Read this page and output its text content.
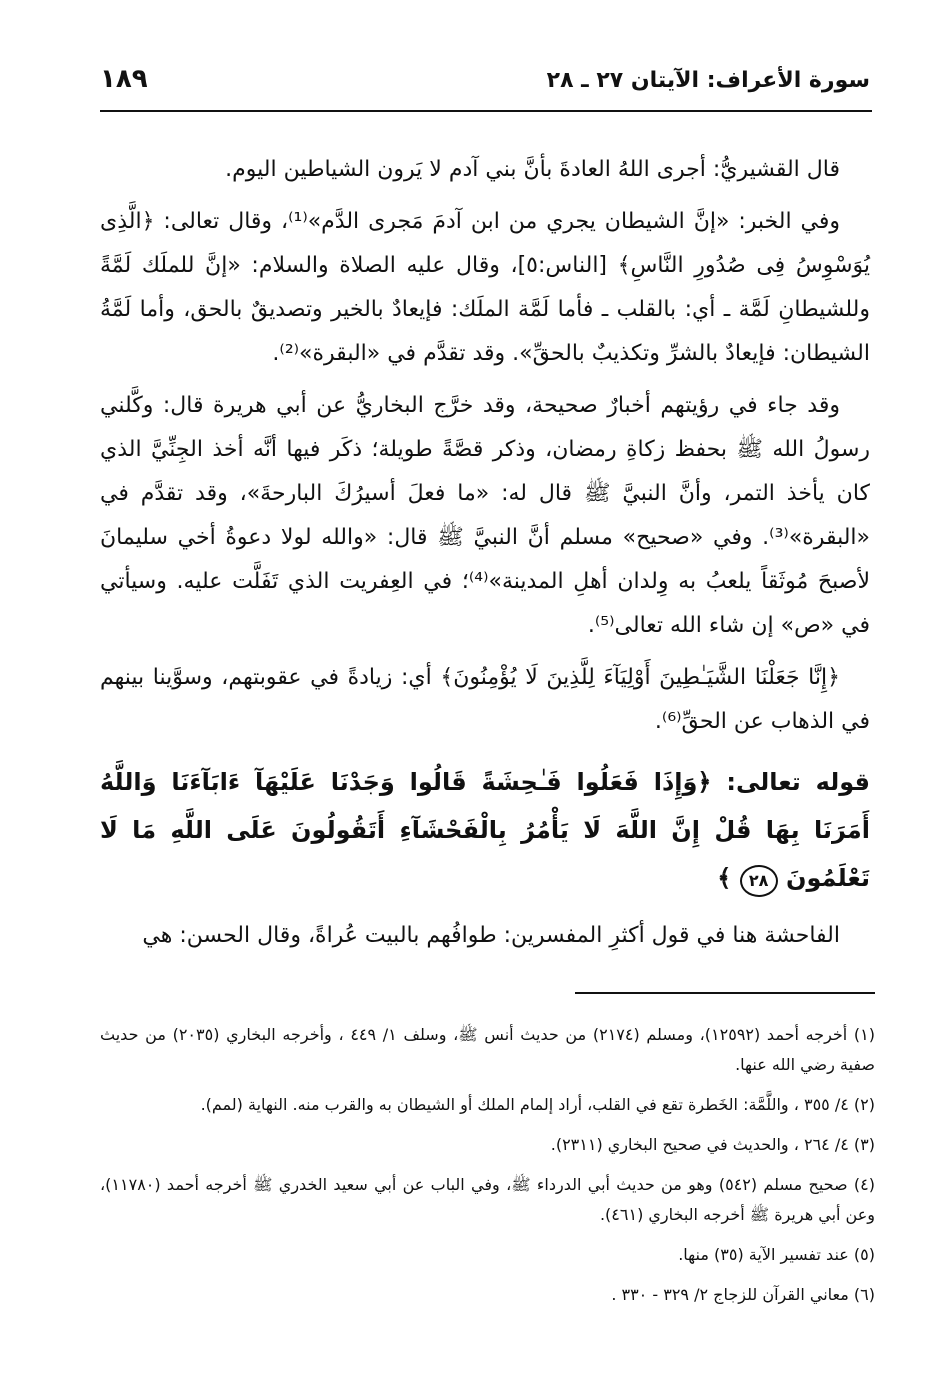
سورة الأعراف: الآيتان ٢٧ ـ ٢٨
١٨٩

قال القشيريُّ: أجرى اللهُ العادةَ بأنَّ بني آدم لا يَرون الشياطين اليوم.

وفي الخبر: «إنَّ الشيطان يجري من ابن آدمَ مَجرى الدَّم»⁽¹⁾، وقال تعالى: ﴿الَّذِى يُوَسْوِسُ فِى صُدُورِ النَّاسِ﴾ [الناس:٥]، وقال عليه الصلاة والسلام: «إنَّ للملَك لَمَّةً وللشيطانِ لَمَّة ـ أي: بالقلب ـ فأما لَمَّة الملَك: فإيعادٌ بالخير وتصديقٌ بالحق، وأما لَمَّةُ الشيطان: فإيعادٌ بالشرِّ وتكذيبٌ بالحقِّ». وقد تقدَّم في «البقرة»⁽²⁾.

وقد جاء في رؤيتهم أخبارٌ صحيحة، وقد خرَّج البخاريُّ عن أبي هريرة قال: وكَّلني رسولُ الله ﷺ بحفظ زكاةِ رمضان، وذكر قصَّةً طويلة؛ ذكَر فيها أنَّه أخذ الجِنِّيَّ الذي كان يأخذ التمر، وأنَّ النبيَّ ﷺ قال له: «ما فعلَ أسيرُكَ البارحةَ»، وقد تقدَّم في «البقرة»⁽³⁾. وفي «صحيح» مسلم أنَّ النبيَّ ﷺ قال: «والله لولا دعوةُ أخي سليمانَ لأصبحَ مُوثَقاً يلعبُ به وِلدان أهلِ المدينة»⁽⁴⁾؛ في العِفريت الذي تَفَلَّت عليه. وسيأتي في «ص» إن شاء الله تعالى⁽⁵⁾.

﴿إِنَّا جَعَلْنَا الشَّيَـٰطِينَ أَوْلِيَآءَ لِلَّذِينَ لَا يُؤْمِنُونَ﴾ أي: زيادةً في عقوبتهم، وسوَّينا بينهم في الذهاب عن الحقِّ⁽⁶⁾.

قوله تعالى: ﴿وَإِذَا فَعَلُوا فَـٰحِشَةً قَالُوا وَجَدْنَا عَلَيْهَآ ءَابَآءَنَا وَاللَّهُ أَمَرَنَا بِهَا قُلْ إِنَّ اللَّهَ لَا يَأْمُرُ بِالْفَحْشَآءِ أَتَقُولُونَ عَلَى اللَّهِ مَا لَا تَعْلَمُونَ ٢٨ ﴾

الفاحشة هنا في قول أكثرِ المفسرين: طوافُهم بالبيت عُراةً، وقال الحسن: هي

(١) أخرجه أحمد (١٢٥٩٢)، ومسلم (٢١٧٤) من حديث أنس ﷺ، وسلف ١/ ٤٤٩ ، وأخرجه البخاري (٢٠٣٥) من حديث صفية رضي الله عنها.

(٢) ٤/ ٣٥٥ ، واللَّمَّة: الخَطرة تقع في القلب، أراد إلمام الملك أو الشيطان به والقرب منه. النهاية (لمم).

(٣) ٤/ ٢٦٤ ، والحديث في صحيح البخاري (٢٣١١).

(٤) صحيح مسلم (٥٤٢) وهو من حديث أبي الدرداء ﷺ، وفي الباب عن أبي سعيد الخدري ﷺ أخرجه أحمد (١١٧٨٠)، وعن أبي هريرة ﷺ أخرجه البخاري (٤٦١).

(٥) عند تفسير الآية (٣٥) منها.

(٦) معاني القرآن للزجاج ٢/ ٣٢٩ - ٣٣٠ .
